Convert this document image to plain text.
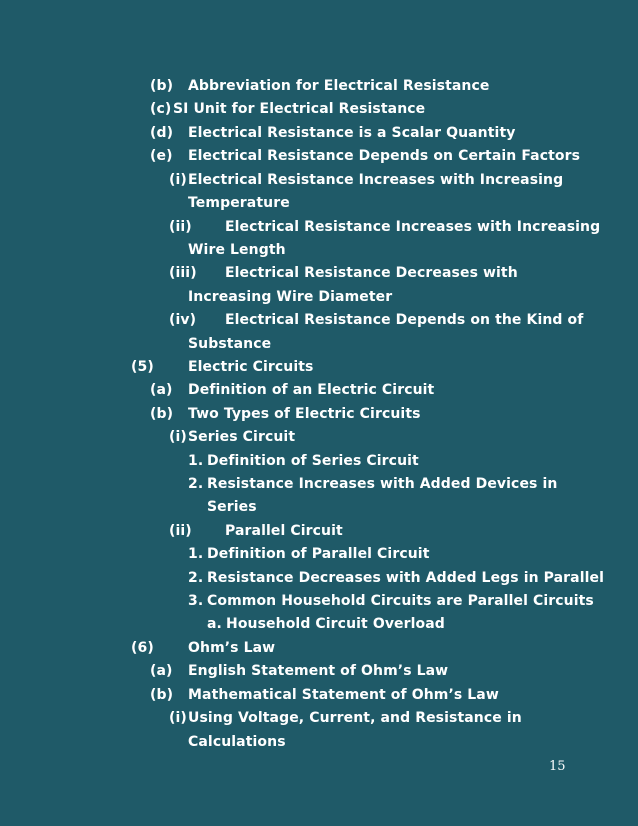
(b) Abbreviation for Electrical Resistance
(c) SI Unit for Electrical Resistance
(d) Electrical Resistance is a Scalar Quantity
(e) Electrical Resistance Depends on Certain Factors
(i) Electrical Resistance Increases with Increasing
Temperature
(ii) Electrical Resistance Increases with Increasing
Wire Length
(iii) Electrical Resistance Decreases with
Increasing Wire Diameter
(iv) Electrical Resistance Depends on the Kind of
Substance
(5) Electric Circuits
(a) Definition of an Electric Circuit
(b) Two Types of Electric Circuits
(i) Series Circuit
1. Definition of Series Circuit
2. Resistance Increases with Added Devices in
Series
(ii) Parallel Circuit
1. Definition of Parallel Circuit
2. Resistance Decreases with Added Legs in Parallel
3. Common Household Circuits are Parallel Circuits
a. Household Circuit Overload
(6) Ohm’s Law
(a) English Statement of Ohm’s Law
(b) Mathematical Statement of Ohm’s Law
(i) Using Voltage, Current, and Resistance in
Calculations
15
